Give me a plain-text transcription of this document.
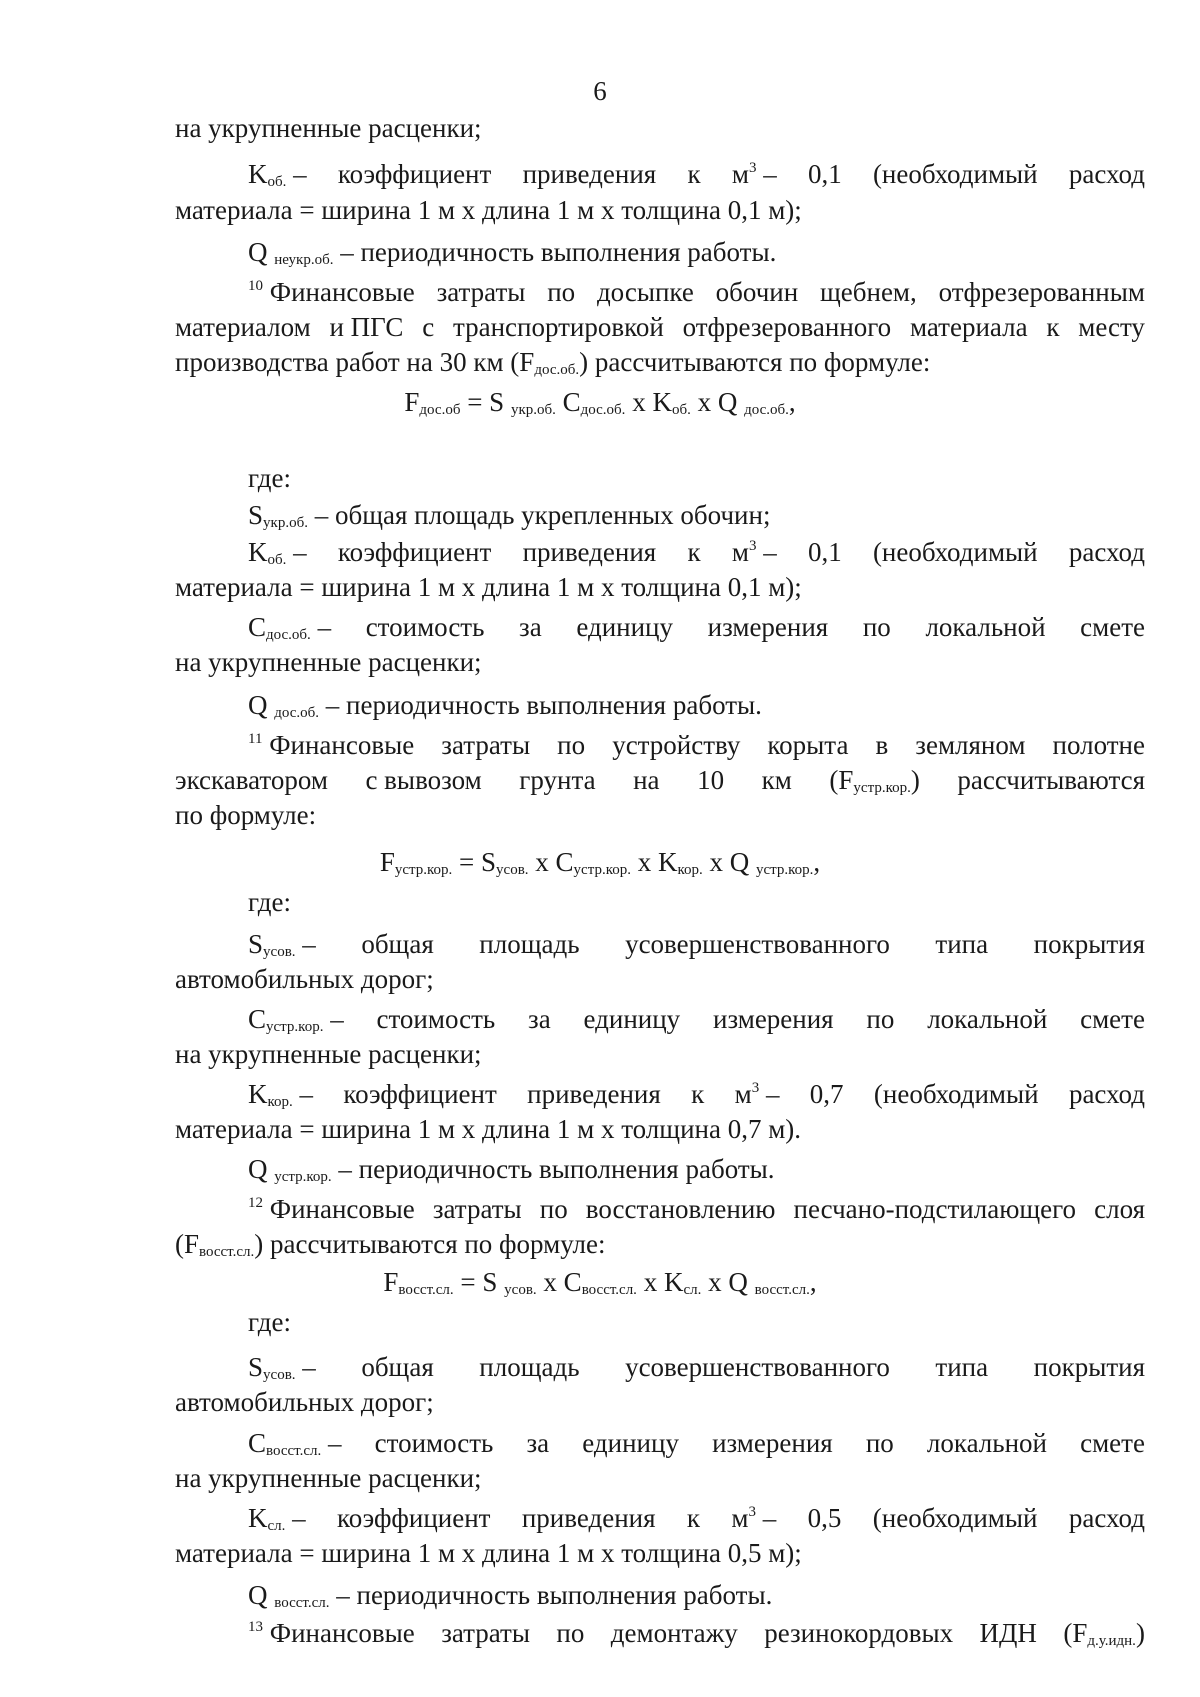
6
на укрупненные расценки;
$K_{об.}$ – коэффициент приведения к $м^3 - 0,1$ (необходимый расход
материала = ширина 1 м х длина 1 м х толщина 0,1 м);
Q $_{неукр.об.}$ – периодичность выполнения работы.
$^{10}$ Финансовые затраты по досыпке обочин щебнем, отфрезерованным
материалом и ПГС с транспортировкой отфрезерованного материала к месту
производства работ на 30 км $(F_{дос.об.})$ рассчитываются по формуле:
$F_{дос.об} = S$ $_{укр.об.}$ $C_{дос.об.}$ х $K_{об.}$ х Q $_{дос.об.}$,
где:
$S_{укр.об.}$ – общая площадь укрепленных обочин;
$K_{об.}$ – коэффициент приведения к $м^3 - 0,1$ (необходимый расход
материала = ширина 1 м х длина 1 м х толщина 0,1 м);
$C_{дос.об.}$ – стоимость за единицу измерения по локальной смете
на укрупненные расценки;
Q $_{дос.об.}$ – периодичность выполнения работы.
$^{11}$ Финансовые затраты по устройству корыта в земляном полотне
экскаватором с вывозом грунта на 10 км $(F_{устр.кор.})$ рассчитываются
по формуле:
$F_{устр.кор.} = S_{усов.}$ х $C_{устр.кор.}$ х $K_{кор.}$ х Q $_{устр.кор.}$,
где:
$S_{усов.}$ – общая площадь усовершенствованного типа покрытия
автомобильных дорог;
$C_{устр.кор.}$ – стоимость за единицу измерения по локальной смете
на укрупненные расценки;
$K_{кор.}$ – коэффициент приведения к $м^3 - 0,7$ (необходимый расход
материала = ширина 1 м х длина 1 м х толщина 0,7 м).
Q $_{устр.кор.}$ – периодичность выполнения работы.
$^{12}$ Финансовые затраты по восстановлению песчано-подстилающего слоя
$(F_{восст.сл.})$ рассчитываются по формуле:
$F_{восст.сл.} = S$ $_{усов.}$ х $C_{восст.сл.}$ х $K_{сл.}$ х Q $_{восст.сл.}$,
где:
$S_{усов.}$ – общая площадь усовершенствованного типа покрытия
автомобильных дорог;
$C_{восст.сл.}$ – стоимость за единицу измерения по локальной смете
на укрупненные расценки;
$K_{сл.}$ – коэффициент приведения к $м^3 - 0,5$ (необходимый расход
материала = ширина 1 м х длина 1 м х толщина 0,5 м);
Q $_{восст.сл.}$ – периодичность выполнения работы.
$^{13}$ Финансовые затраты по демонтажу резинокордовых ИДН $(F_{д.у.идн.})$
